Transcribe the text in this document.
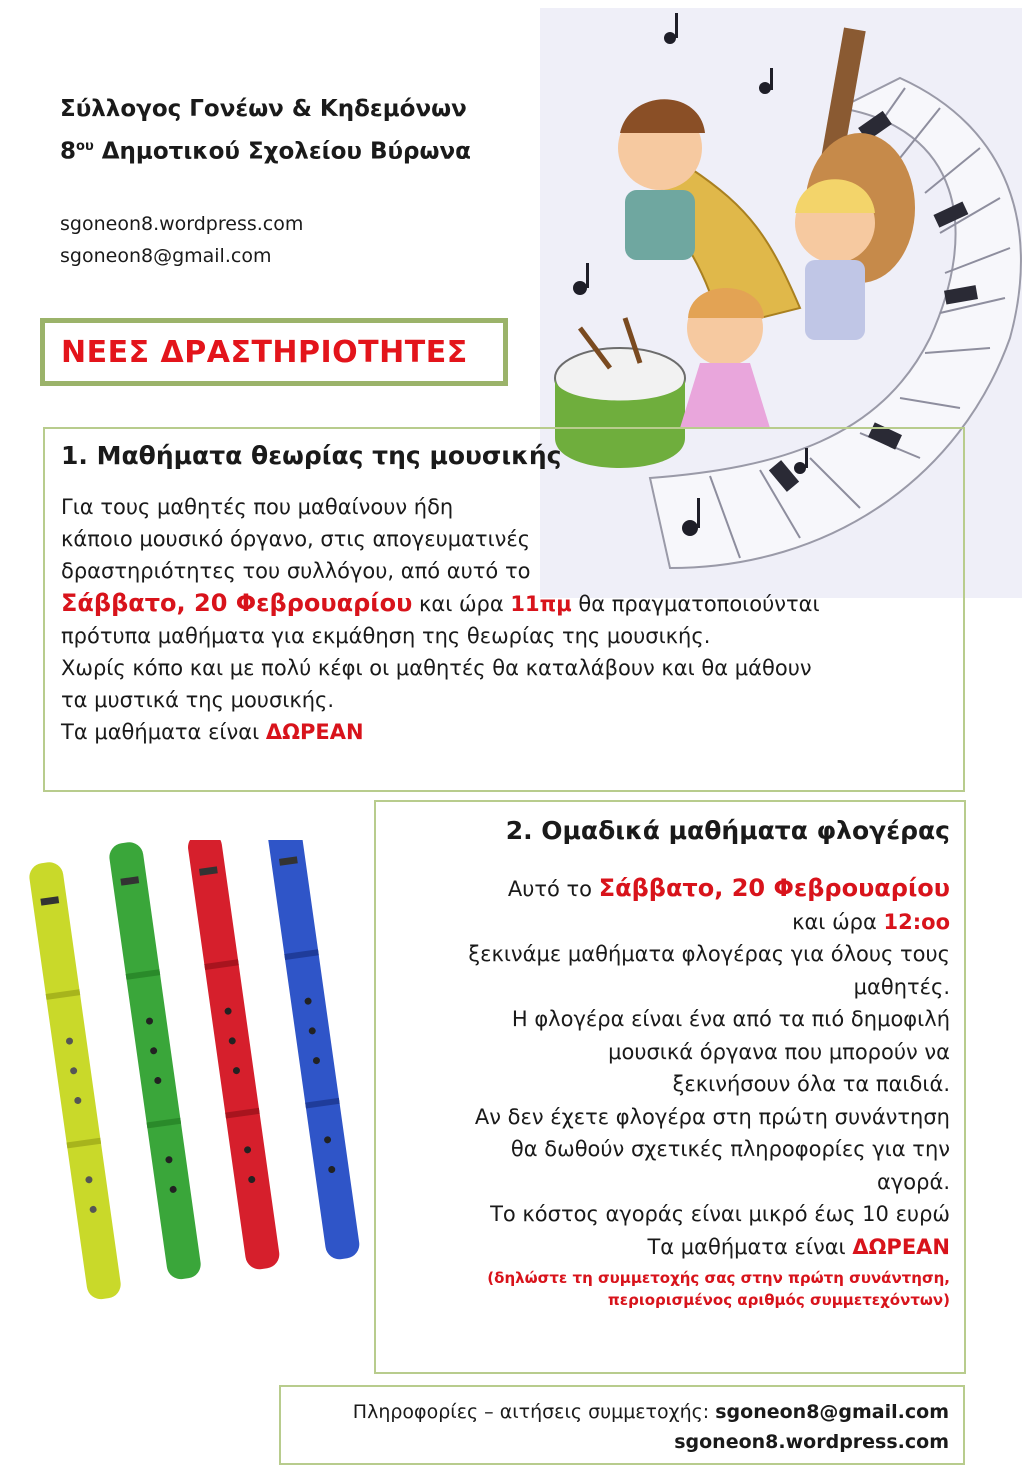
Σύλλογος Γονέων & Κηδεμόνων
$8^{o\upsilon}$ Δημοτικού Σχολείου Βύρωνα
sgoneon8.wordpress.com
sgoneon8@gmail.com
ΝΕΕΣ ΔΡΑΣΤΗΡΙΟΤΗΤΕΣ
1. Μαθήματα θεωρίας της μουσικής
Για τους μαθητές που μαθαίνουν ήδη
κάποιο μουσικό όργανο, στις απογευματινές
δραστηριότητες του συλλόγου, από αυτό το
Σάββατο, 20 Φεβρουαρίου και ώρα 11πμ θα πραγματοποιούνται
πρότυπα μαθήματα για εκμάθηση της θεωρίας της μουσικής.
Χωρίς κόπο και με πολύ κέφι οι μαθητές θα καταλάβουν και θα μάθουν
τα μυστικά της μουσικής.
Τα μαθήματα είναι ΔΩΡΕΑΝ
2. Ομαδικά μαθήματα φλογέρας
Αυτό το Σάββατο, 20 Φεβρουαρίου
και ώρα 12:οο
ξεκινάμε μαθήματα φλογέρας για όλους τους
μαθητές.
Η φλογέρα είναι ένα από τα πιό δημοφιλή
μουσικά όργανα που μπορούν να
ξεκινήσουν όλα τα παιδιά.
Αν δεν έχετε φλογέρα στη πρώτη συνάντηση
θα δωθούν σχετικές πληροφορίες για την
αγορά.
Το κόστος αγοράς είναι μικρό έως 10 ευρώ
Τα μαθήματα είναι ΔΩΡΕΑΝ
(δηλώστε τη συμμετοχής σας στην πρώτη συνάντηση,
περιορισμένος αριθμός συμμετεχόντων)
Πληροφορίες – αιτήσεις συμμετοχής: sgoneon8@gmail.com
sgoneon8.wordpress.com
